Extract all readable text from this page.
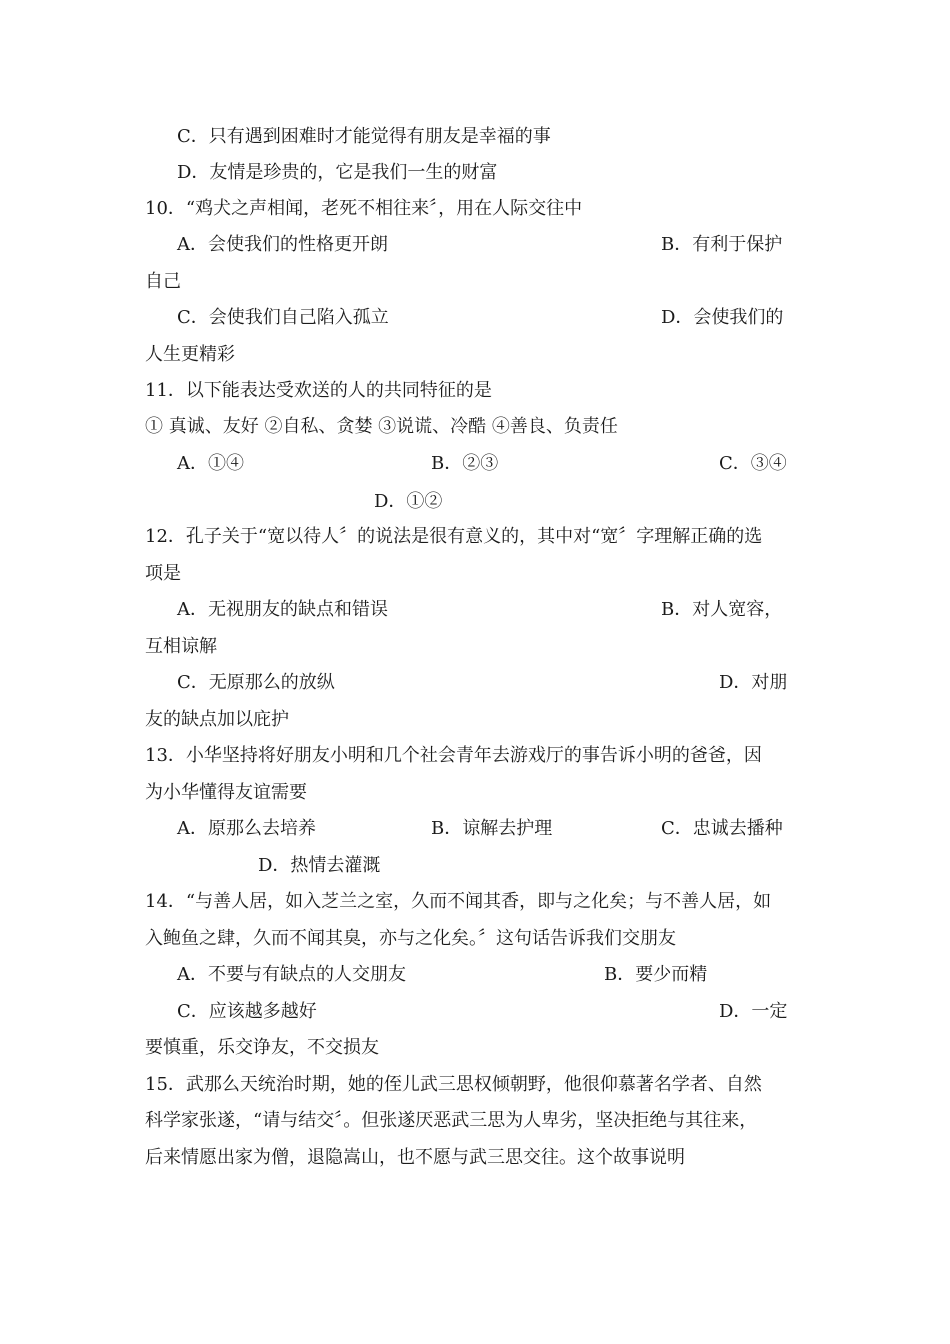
C．只有遇到困难时才能觉得有朋友是幸福的事
D．友情是珍贵的，它是我们一生的财富
10．“鸡犬之声相闻，老死不相往来〞，用在人际交往中
A．会使我们的性格更开朗	B．有利于保护
自己
C．会使我们自己陷入孤立	D．会使我们的
人生更精彩
11．以下能表达受欢送的人的共同特征的是
① 真诚、友好 ②自私、贪婪 ③说谎、冷酷 ④善良、负责任
A．①④	B．②③	C．③④
D．①②
12．孔子关于“宽以待人〞的说法是很有意义的，其中对“宽〞字理解正确的选
项是
A．无视朋友的缺点和错误	B．对人宽容，
互相谅解
C．无原那么的放纵	D．对朋
友的缺点加以庇护
13．小华坚持将好朋友小明和几个社会青年去游戏厅的事告诉小明的爸爸，因
为小华懂得友谊需要
A．原那么去培养	B．谅解去护理	C．忠诚去播种
D．热情去灌溉
14．“与善人居，如入芝兰之室，久而不闻其香，即与之化矣；与不善人居，如
入鲍鱼之肆，久而不闻其臭，亦与之化矣。〞这句话告诉我们交朋友
A．不要与有缺点的人交朋友	B．要少而精
C．应该越多越好	D．一定
要慎重，乐交诤友，不交损友
15．武那么天统治时期，她的侄儿武三思权倾朝野，他很仰慕著名学者、自然
科学家张遂，“请与结交〞。但张遂厌恶武三思为人卑劣，坚决拒绝与其往来，
后来情愿出家为僧，退隐嵩山，也不愿与武三思交往。这个故事说明
